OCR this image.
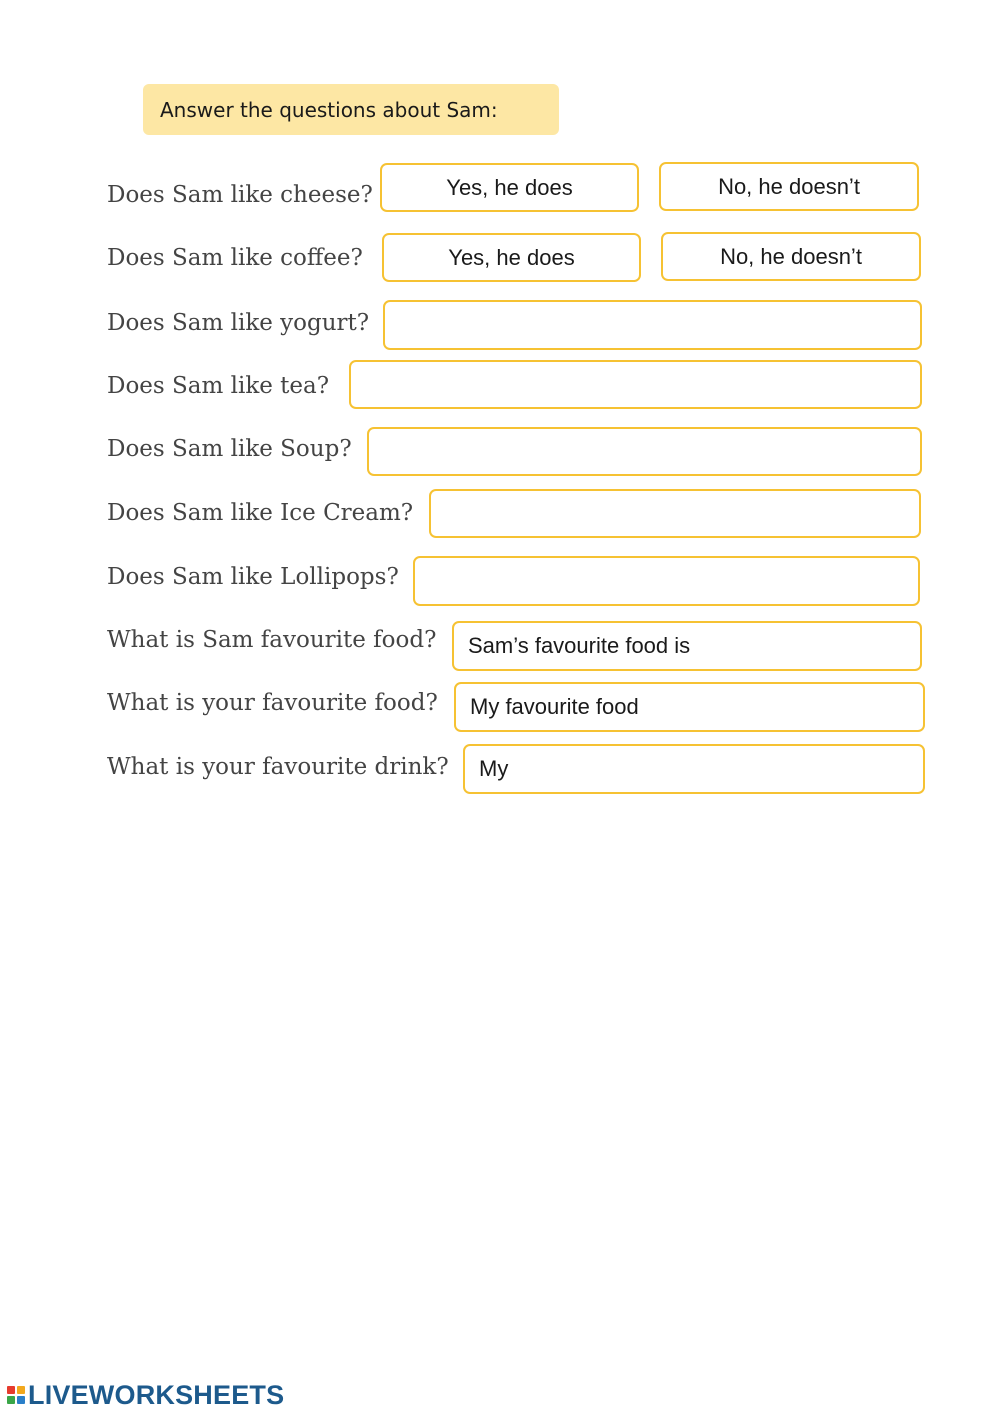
Answer the questions about Sam:
Does Sam like cheese?	Yes, he does	No, he doesn’t
Does Sam like coffee?	Yes, he does	No, he doesn’t
Does Sam like yogurt?
Does Sam like tea?
Does Sam like Soup?
Does Sam like Ice Cream?
Does Sam like Lollipops?
What is Sam favourite food?	Sam’s favourite food is
What is your favourite food?	My favourite food
What is your favourite drink?	My
LIVEWORKSHEETS
